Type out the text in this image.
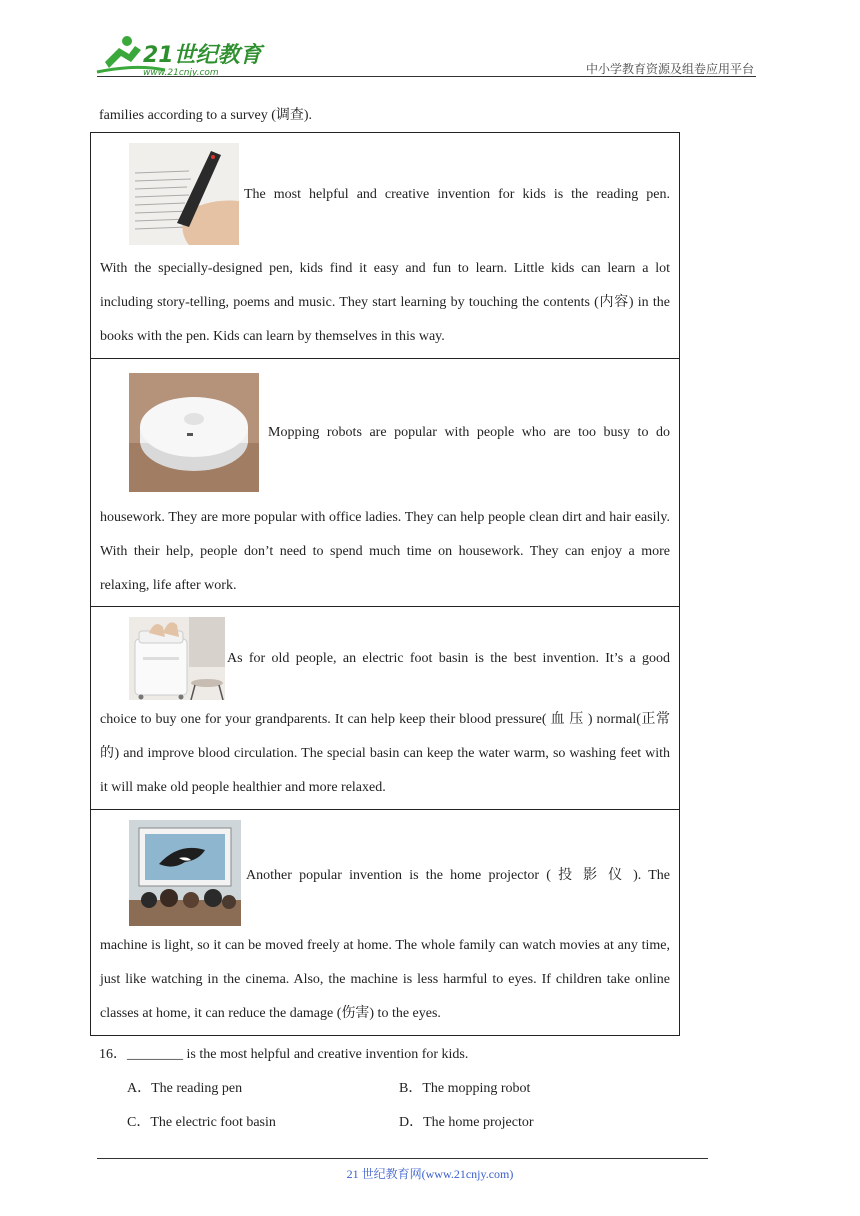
21世纪教育
www.21cnjy.com	中小学教育资源及组卷应用平台
families according to a survey (调查).
The most helpful and creative invention for kids is the reading pen.
With the specially-designed pen, kids find it easy and fun to learn. Little kids can learn a lot including story-telling, poems and music. They start learning by touching the contents (内容) in the books with the pen. Kids can learn by themselves in this way.
Mopping robots are popular with people who are too busy to do
housework. They are more popular with office ladies. They can help people clean dirt and hair easily. With their help, people don’t need to spend much time on housework. They can enjoy a more relaxing, life after work.
As for old people, an electric foot basin is the best invention. It’s a good
choice to buy one for your grandparents. It can help keep their blood pressure( 血 压 ) normal(正常的) and improve blood circulation. The special basin can keep the water warm, so washing feet with it will make old people healthier and more relaxed.
Another popular invention is the home projector ( 投 影 仪 ). The
machine is light, so it can be moved freely at home. The whole family can watch movies at any time, just like watching in the cinema. Also, the machine is less harmful to eyes. If children take online classes at home, it can reduce the damage (伤害) to the eyes.
16．________ is the most helpful and creative invention for kids.
A．The reading pen	B．The mopping robot
C．The electric foot basin	D．The home projector
21 世纪教育网(www.21cnjy.com)
